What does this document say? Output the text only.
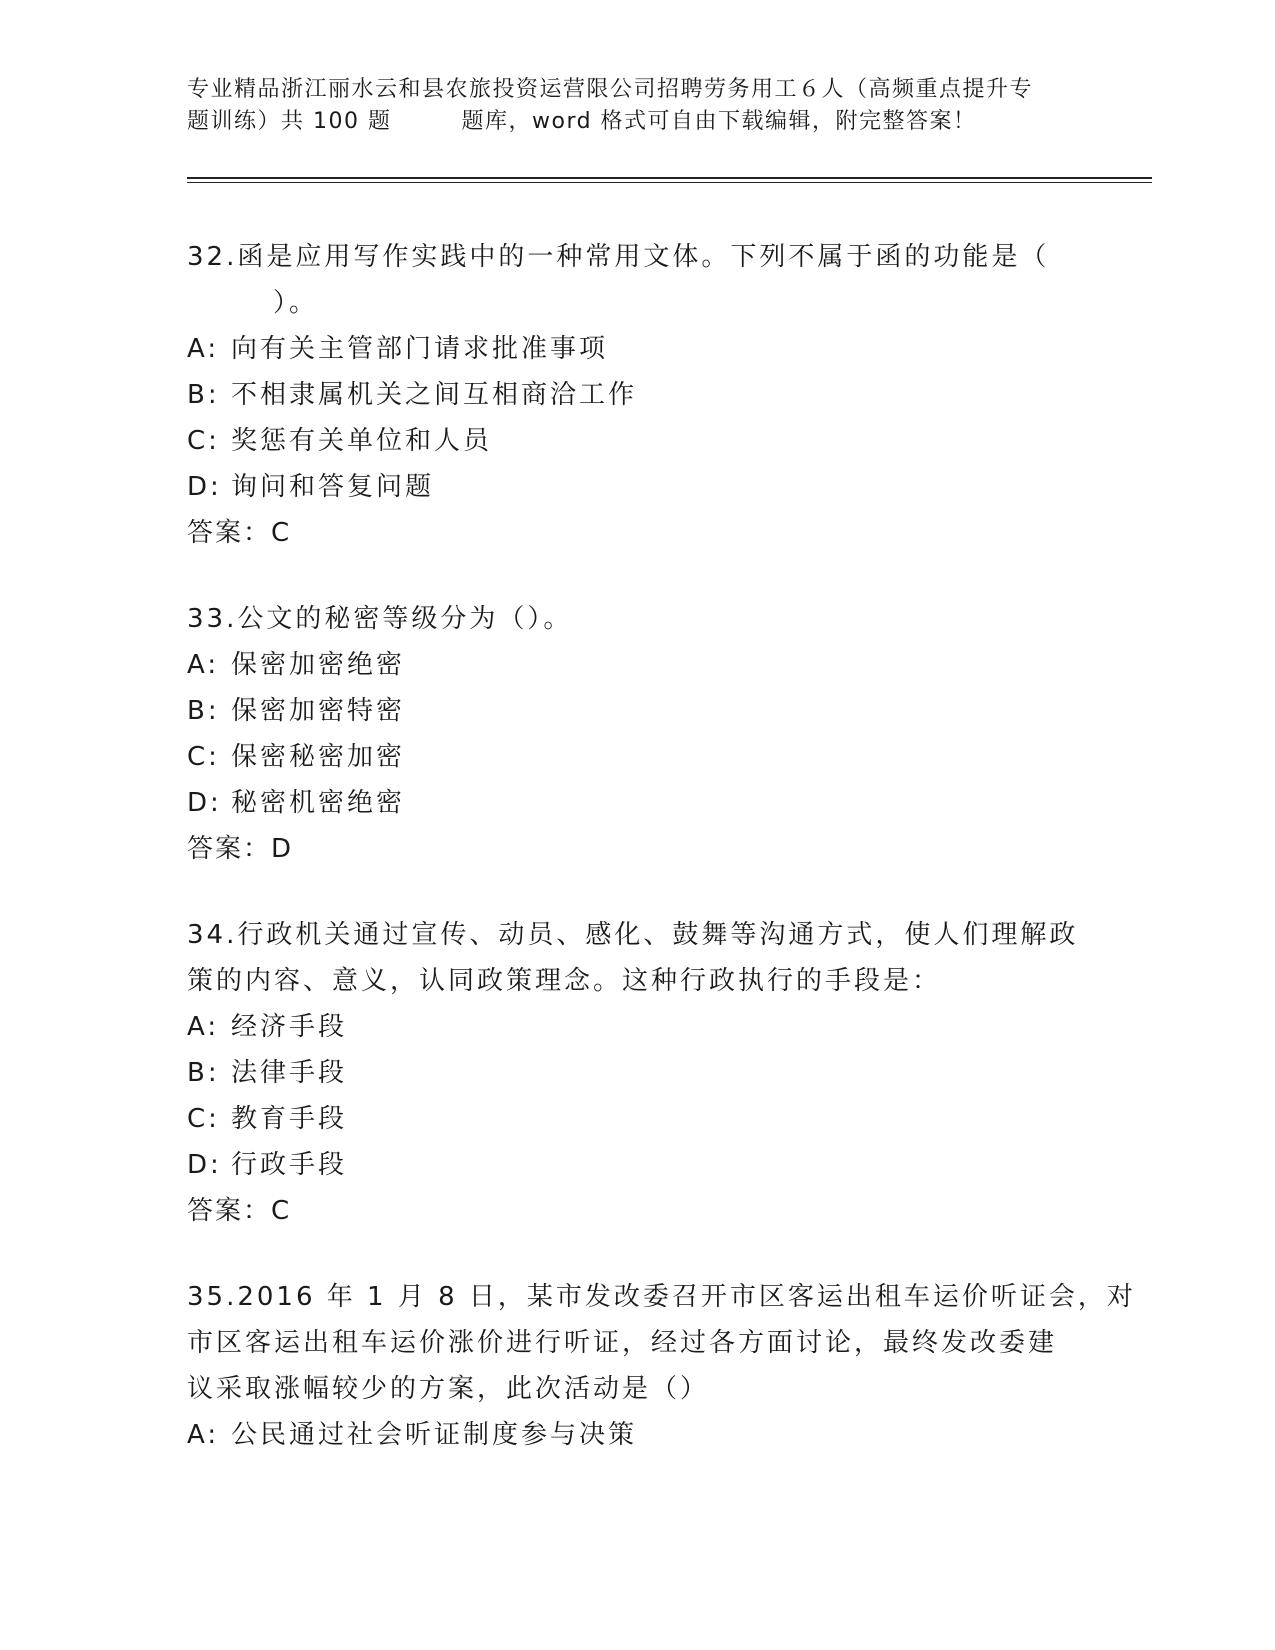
专业精品浙江丽水云和县农旅投资运营限公司招聘劳务用工６人（高频重点提升专
题训练）共 100 题	题库，word 格式可自由下载编辑，附完整答案！
32.函是应用写作实践中的一种常用文体。下列不属于函的功能是（
）。
A: 向有关主管部门请求批准事项
B: 不相隶属机关之间互相商洽工作
C: 奖惩有关单位和人员
D: 询问和答复问题
答案：C
33.公文的秘密等级分为（）。
A: 保密加密绝密
B: 保密加密特密
C: 保密秘密加密
D: 秘密机密绝密
答案：D
34.行政机关通过宣传、动员、感化、鼓舞等沟通方式，使人们理解政
策的内容、意义，认同政策理念。这种行政执行的手段是：
A: 经济手段
B: 法律手段
C: 教育手段
D: 行政手段
答案：C
35.2016 年 1 月 8 日，某市发改委召开市区客运出租车运价听证会，对
市区客运出租车运价涨价进行听证，经过各方面讨论，最终发改委建
议采取涨幅较少的方案，此次活动是（）
A: 公民通过社会听证制度参与决策
